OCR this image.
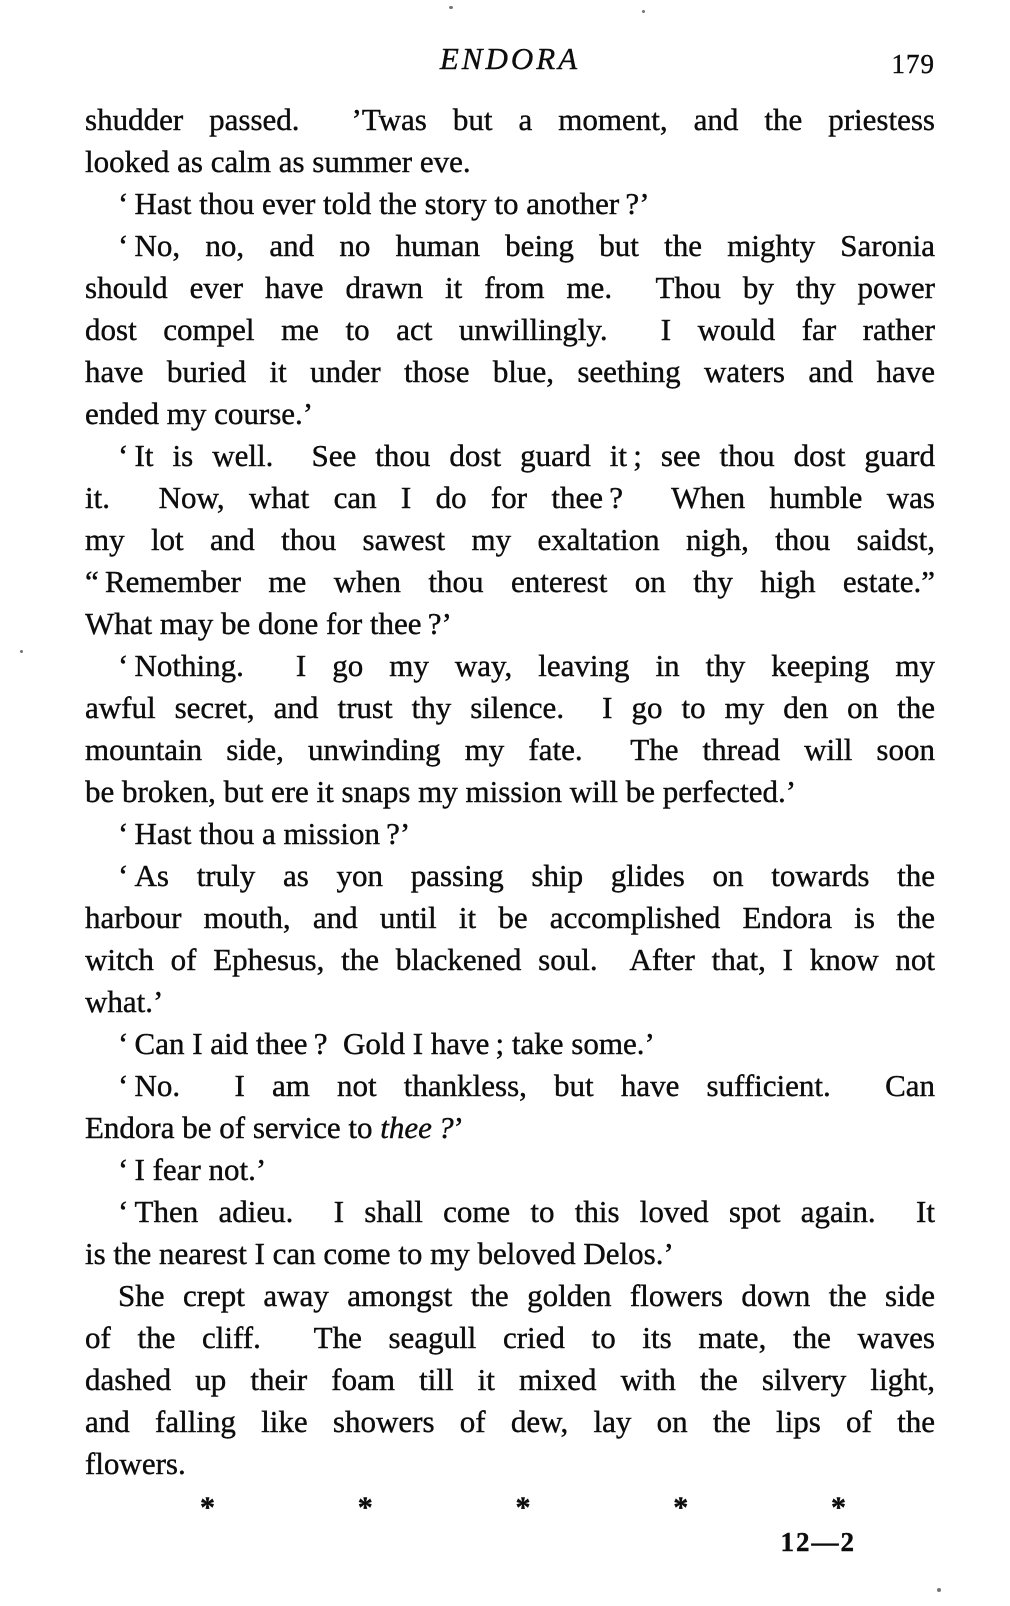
ENDORA	179
shudder passed.  ’Twas but a moment, and the priestess
looked as calm as summer eve.
‘ Hast thou ever told the story to another ?’
‘ No, no, and no human being but the mighty Saronia
should ever have drawn it from me.  Thou by thy power
dost compel me to act unwillingly.  I would far rather
have buried it under those blue, seething waters and have
ended my course.’
‘ It is well.  See thou dost guard it ; see thou dost guard
it.  Now, what can I do for thee ?  When humble was
my lot and thou sawest my exaltation nigh, thou saidst,
“ Remember me when thou enterest on thy high estate.”
What may be done for thee ?’
‘ Nothing.  I go my way, leaving in thy keeping my
awful secret, and trust thy silence.  I go to my den on the
mountain side, unwinding my fate.  The thread will soon
be broken, but ere it snaps my mission will be perfected.’
‘ Hast thou a mission ?’
‘ As truly as yon passing ship glides on towards the
harbour mouth, and until it be accomplished Endora is the
witch of Ephesus, the blackened soul.  After that, I know not
what.’
‘ Can I aid thee ?  Gold I have ; take some.’
‘ No.  I am not thankless, but have sufficient.  Can
Endora be of service to thee ?’
‘ I fear not.’
‘ Then adieu.  I shall come to this loved spot again.  It
is the nearest I can come to my beloved Delos.’
She crept away amongst the golden flowers down the side
of the cliff.  The seagull cried to its mate, the waves
dashed up their foam till it mixed with the silvery light,
and falling like showers of dew, lay on the lips of the
flowers.
*	*	*	*	*
12—2
